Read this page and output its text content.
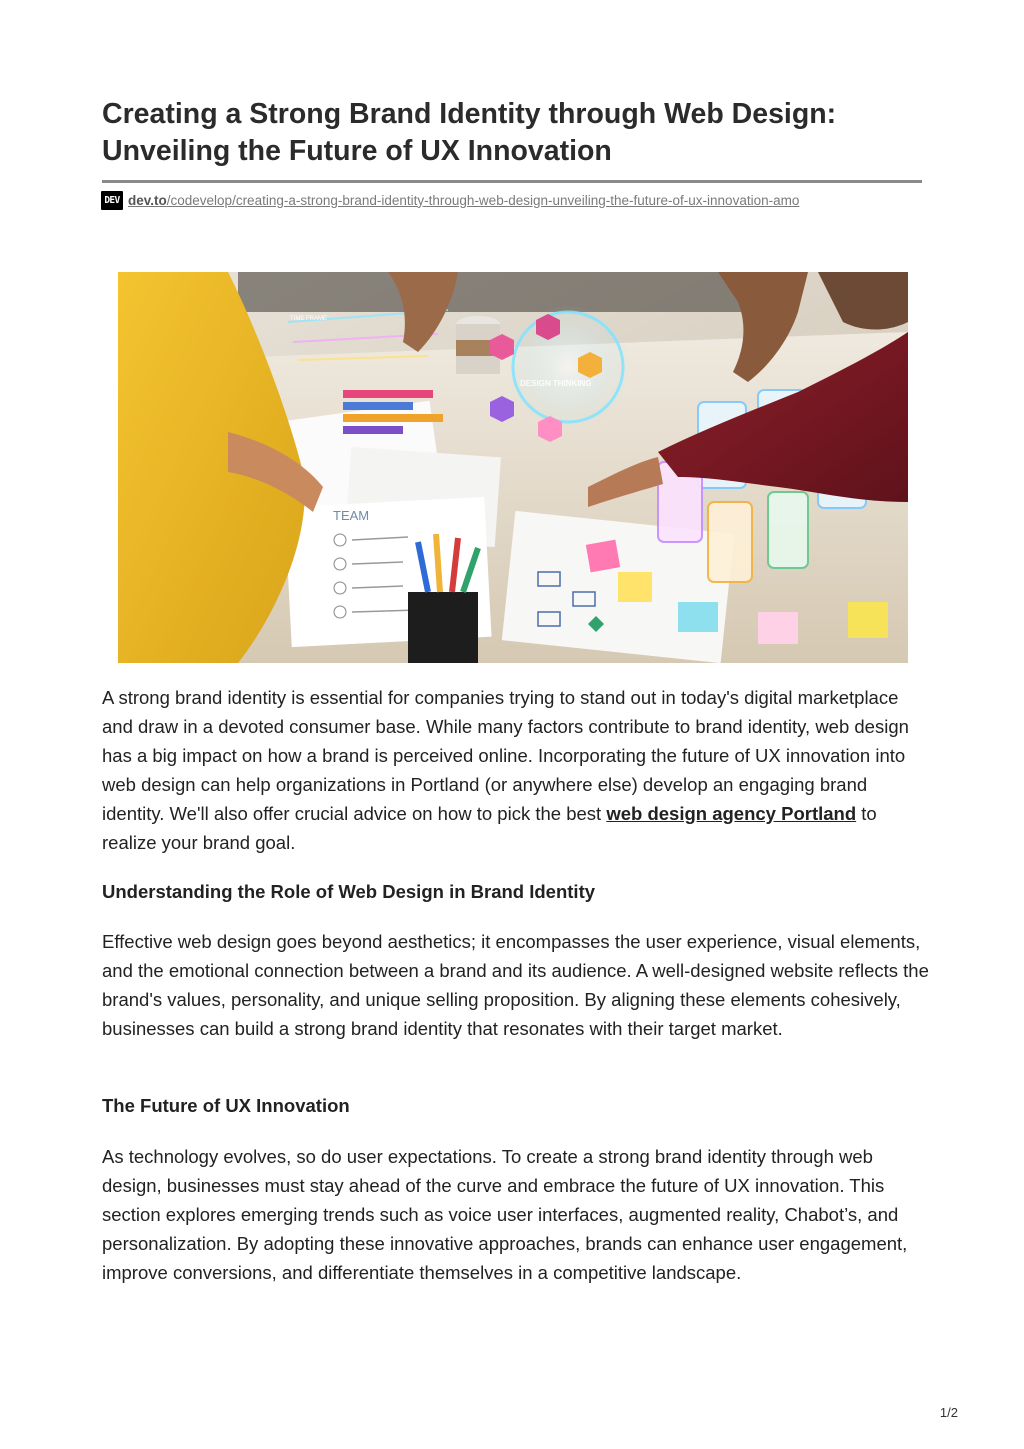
Creating a Strong Brand Identity through Web Design: Unveiling the Future of UX Innovation
DEV dev.to/codevelop/creating-a-strong-brand-identity-through-web-design-unveiling-the-future-of-ux-innovation-amo
TIME FRAME
DESIGN THINKING
TEAM

A strong brand identity is essential for companies trying to stand out in today's digital marketplace and draw in a devoted consumer base. While many factors contribute to brand identity, web design has a big impact on how a brand is perceived online. Incorporating the future of UX innovation into web design can help organizations in Portland (or anywhere else) develop an engaging brand identity. We'll also offer crucial advice on how to pick the best web design agency Portland to realize your brand goal.

Understanding the Role of Web Design in Brand Identity

Effective web design goes beyond aesthetics; it encompasses the user experience, visual elements, and the emotional connection between a brand and its audience. A well-designed website reflects the brand's values, personality, and unique selling proposition. By aligning these elements cohesively, businesses can build a strong brand identity that resonates with their target market.

The Future of UX Innovation

As technology evolves, so do user expectations. To create a strong brand identity through web design, businesses must stay ahead of the curve and embrace the future of UX innovation. This section explores emerging trends such as voice user interfaces, augmented reality, Chabot’s, and personalization. By adopting these innovative approaches, brands can enhance user engagement, improve conversions, and differentiate themselves in a competitive landscape.

1/2
